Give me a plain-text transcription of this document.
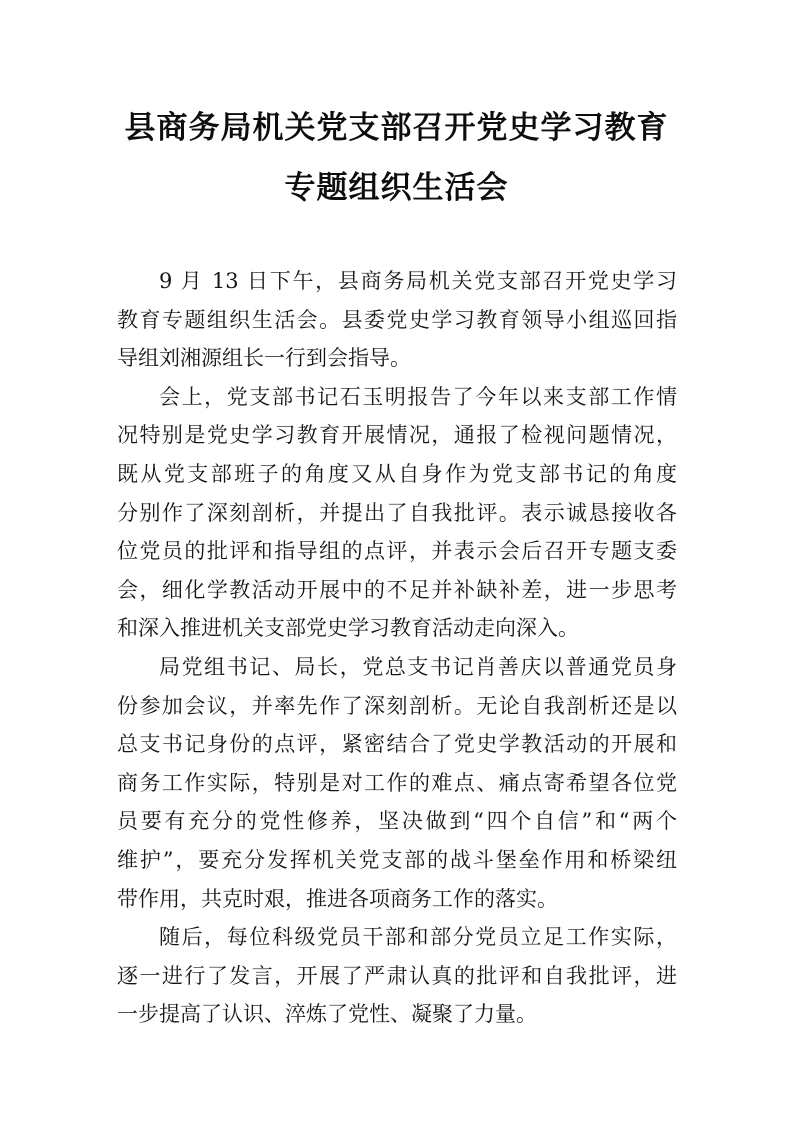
县商务局机关党支部召开党史学习教育
专题组织生活会
9 月 13 日下午，县商务局机关党支部召开党史学习
教育专题组织生活会。县委党史学习教育领导小组巡回指
导组刘湘源组长一行到会指导。
会上，党支部书记石玉明报告了今年以来支部工作情
况特别是党史学习教育开展情况，通报了检视问题情况，
既从党支部班子的角度又从自身作为党支部书记的角度
分别作了深刻剖析，并提出了自我批评。表示诚恳接收各
位党员的批评和指导组的点评，并表示会后召开专题支委
会，细化学教活动开展中的不足并补缺补差，进一步思考
和深入推进机关支部党史学习教育活动走向深入。
局党组书记、局长，党总支书记肖善庆以普通党员身
份参加会议，并率先作了深刻剖析。无论自我剖析还是以
总支书记身份的点评，紧密结合了党史学教活动的开展和
商务工作实际，特别是对工作的难点、痛点寄希望各位党
员要有充分的党性修养，坚决做到“四个自信”和“两个
维护”，要充分发挥机关党支部的战斗堡垒作用和桥梁纽
带作用，共克时艰，推进各项商务工作的落实。
随后，每位科级党员干部和部分党员立足工作实际，
逐一进行了发言，开展了严肃认真的批评和自我批评，进
一步提高了认识、淬炼了党性、凝聚了力量。
